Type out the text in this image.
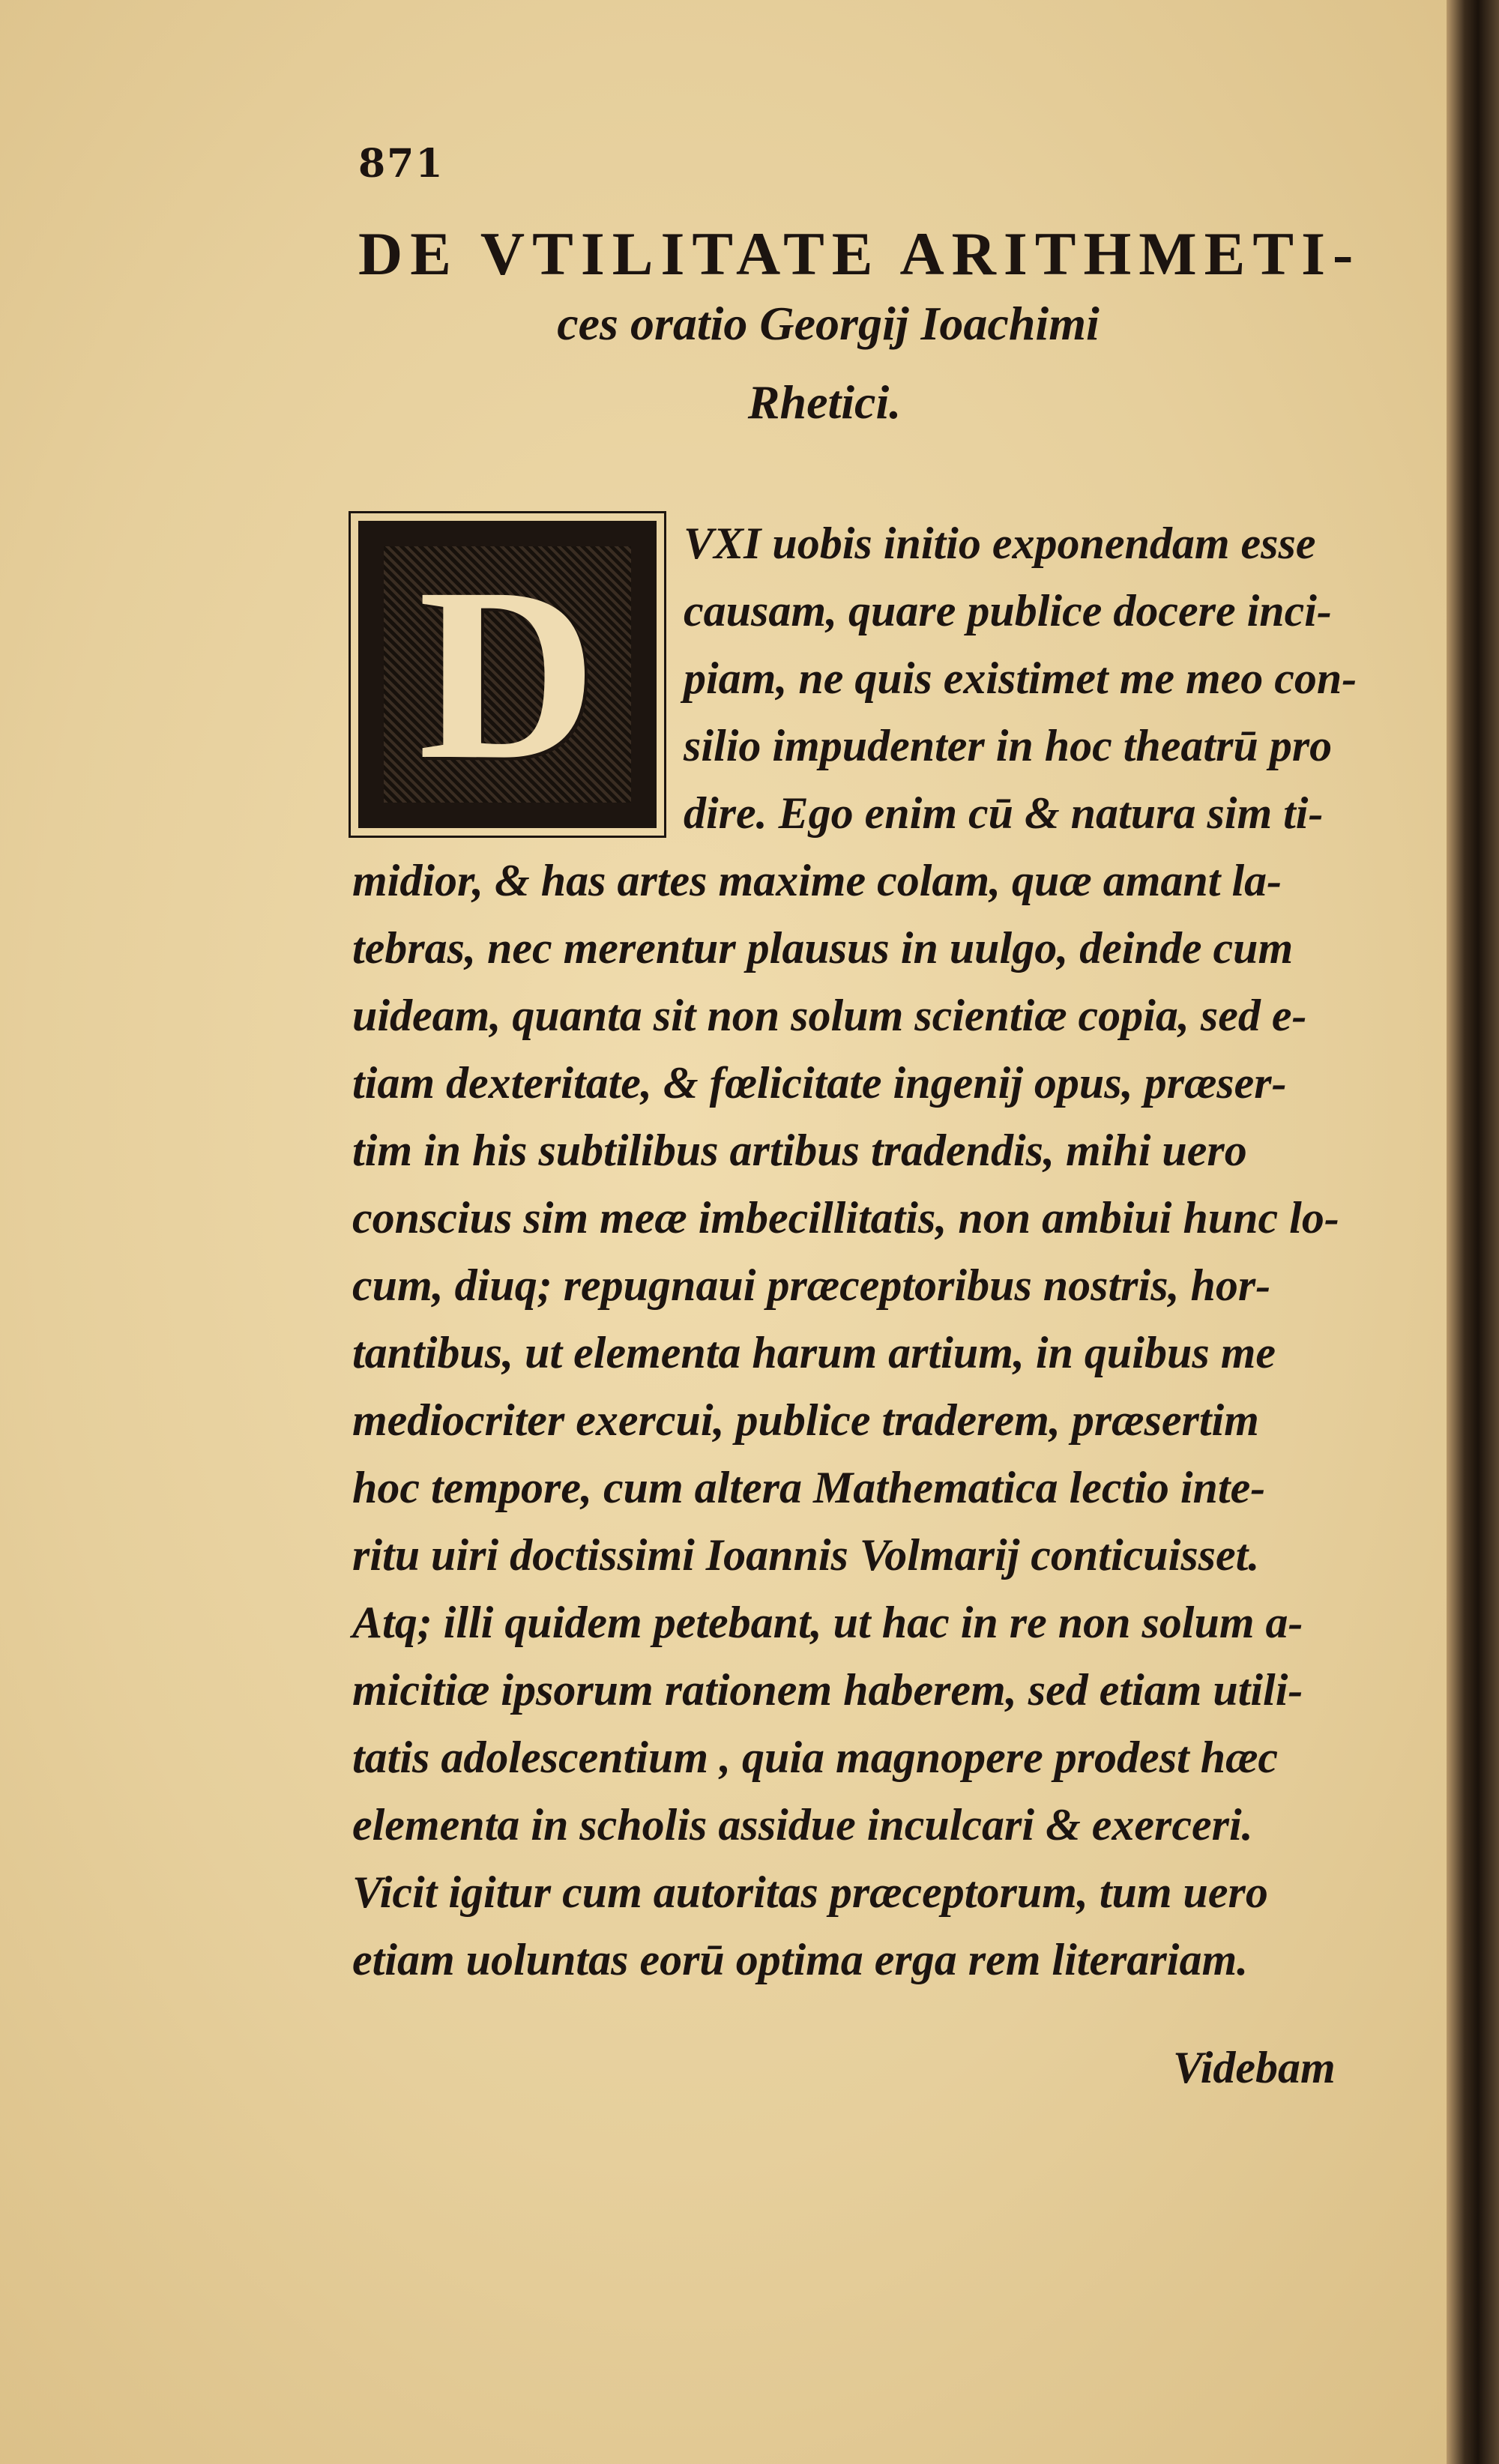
871
DE VTILITATE ARITHMETI-
ces oratio Georgij Ioachimi
Rhetici.
D	VXI uobis initio exponendam esse
causam, quare publice docere inci-
piam, ne quis existimet me meo con-
silio impudenter in hoc theatrū pro
dire. Ego enim cū & natura sim ti-
midior, & has artes maxime colam, quæ amant la-
tebras, nec merentur plausus in uulgo, deinde cum
uideam, quanta sit non solum scientiæ copia, sed e-
tiam dexteritate, & fœlicitate ingenij opus, præser-
tim in his subtilibus artibus tradendis, mihi uero
conscius sim meæ imbecillitatis, non ambiui hunc lo-
cum, diuq; repugnaui præceptoribus nostris, hor-
tantibus, ut elementa harum artium, in quibus me
mediocriter exercui, publice traderem, præsertim
hoc tempore, cum altera Mathematica lectio inte-
ritu uiri doctissimi Ioannis Volmarij conticuisset.
Atq; illi quidem petebant, ut hac in re non solum a-
micitiæ ipsorum rationem haberem, sed etiam utili-
tatis adolescentium , quia magnopere prodest hæc
elementa in scholis assidue inculcari & exerceri.
Vicit igitur cum autoritas præceptorum, tum uero
etiam uoluntas eorū optima erga rem literariam.
Videbam
